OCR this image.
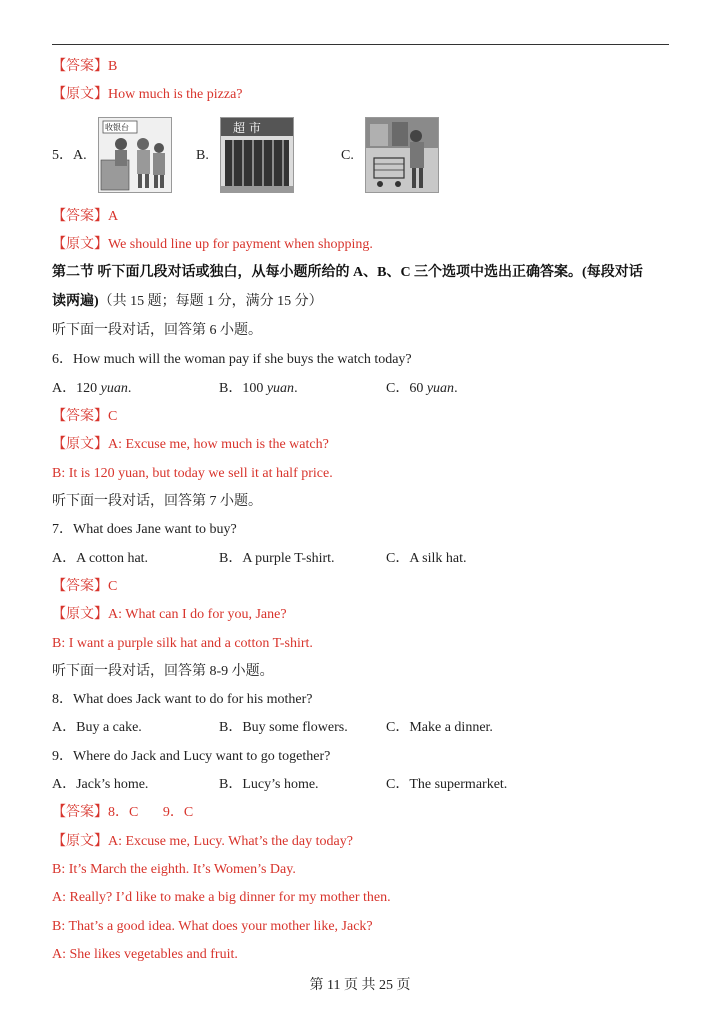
【答案】B
【原文】How much is the pizza?
5．A.
收银台
B.
超 市
C.
【答案】A
【原文】We should line up for payment when shopping.
第二节 听下面几段对话或独白，从每小题所给的 A、B、C 三个选项中选出正确答案。(每段对话
读两遍)（共 15 题；每题 1 分，满分 15 分）
听下面一段对话，回答第 6 小题。
6．How much will the woman pay if she buys the watch today?
A．120 yuan.	B．100 yuan.	C．60 yuan.
【答案】C
【原文】A: Excuse me, how much is the watch?
B: It is 120 yuan, but today we sell it at half price.
听下面一段对话，回答第 7 小题。
7．What does Jane want to buy?
A．A cotton hat.	B．A purple T-shirt.	C．A silk hat.
【答案】C
【原文】A: What can I do for you, Jane?
B: I want a purple silk hat and a cotton T-shirt.
听下面一段对话，回答第 8-9 小题。
8．What does Jack want to do for his mother?
A．Buy a cake.	B．Buy some flowers.	C．Make a dinner.
9．Where do Jack and Lucy want to go together?
A．Jack’s home.	B．Lucy’s home.	C．The supermarket.
【答案】8．C       9．C
【原文】A: Excuse me, Lucy. What’s the day today?
B: It’s March the eighth. It’s Women’s Day.
A: Really? I’d like to make a big dinner for my mother then.
B: That’s a good idea. What does your mother like, Jack?
A: She likes vegetables and fruit.
第 11 页 共 25 页
